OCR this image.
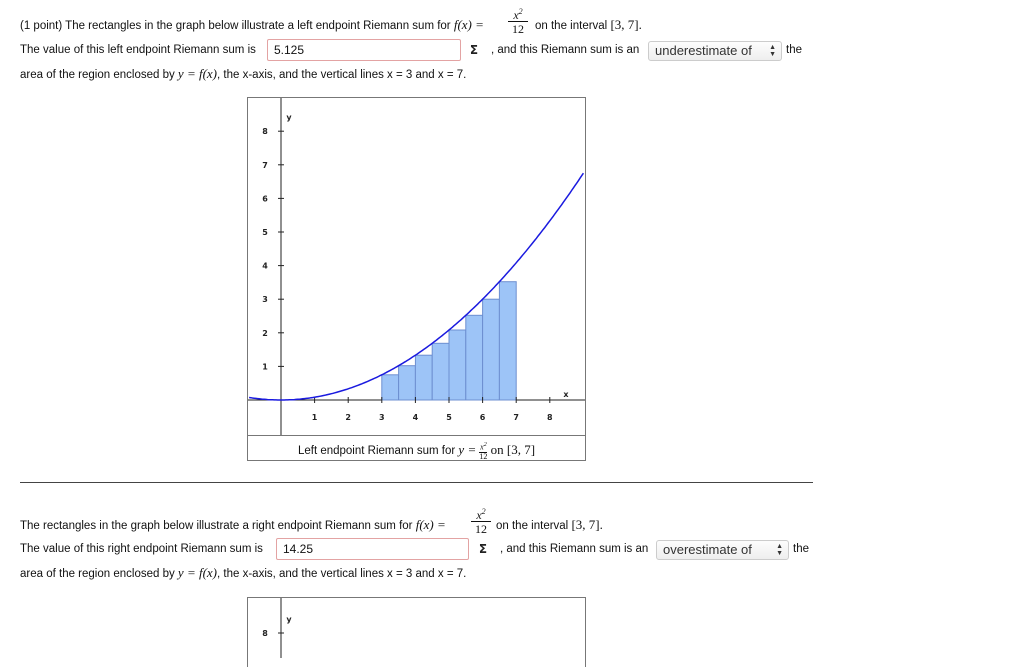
(1 point) The rectangles in the graph below illustrate a left endpoint Riemann sum for $f(x) = \frac{x^2}{12}$ on the interval [3, 7].
The value of this left endpoint Riemann sum is	5.125	Σ	, and this Riemann sum is an	underestimate of ▲
▼ the
area of the region enclosed by y = f(x), the x-axis, and the vertical lines x = 3 and x = 7.
1	2	3	4	5	6	7	8
1
2
3
4
5
6
7
8
y
x
Left endpoint Riemann sum for $y = \frac{x^2}{12}$ on [3, 7]
The rectangles in the graph below illustrate a right endpoint Riemann sum for $f(x) = \frac{x^2}{12}$ on the interval [3, 7].
The value of this right endpoint Riemann sum is	14.25	Σ	, and this Riemann sum is an	overestimate of	▲
▼ the
area of the region enclosed by y = f(x), the x-axis, and the vertical lines x = 3 and x = 7.
y
8
